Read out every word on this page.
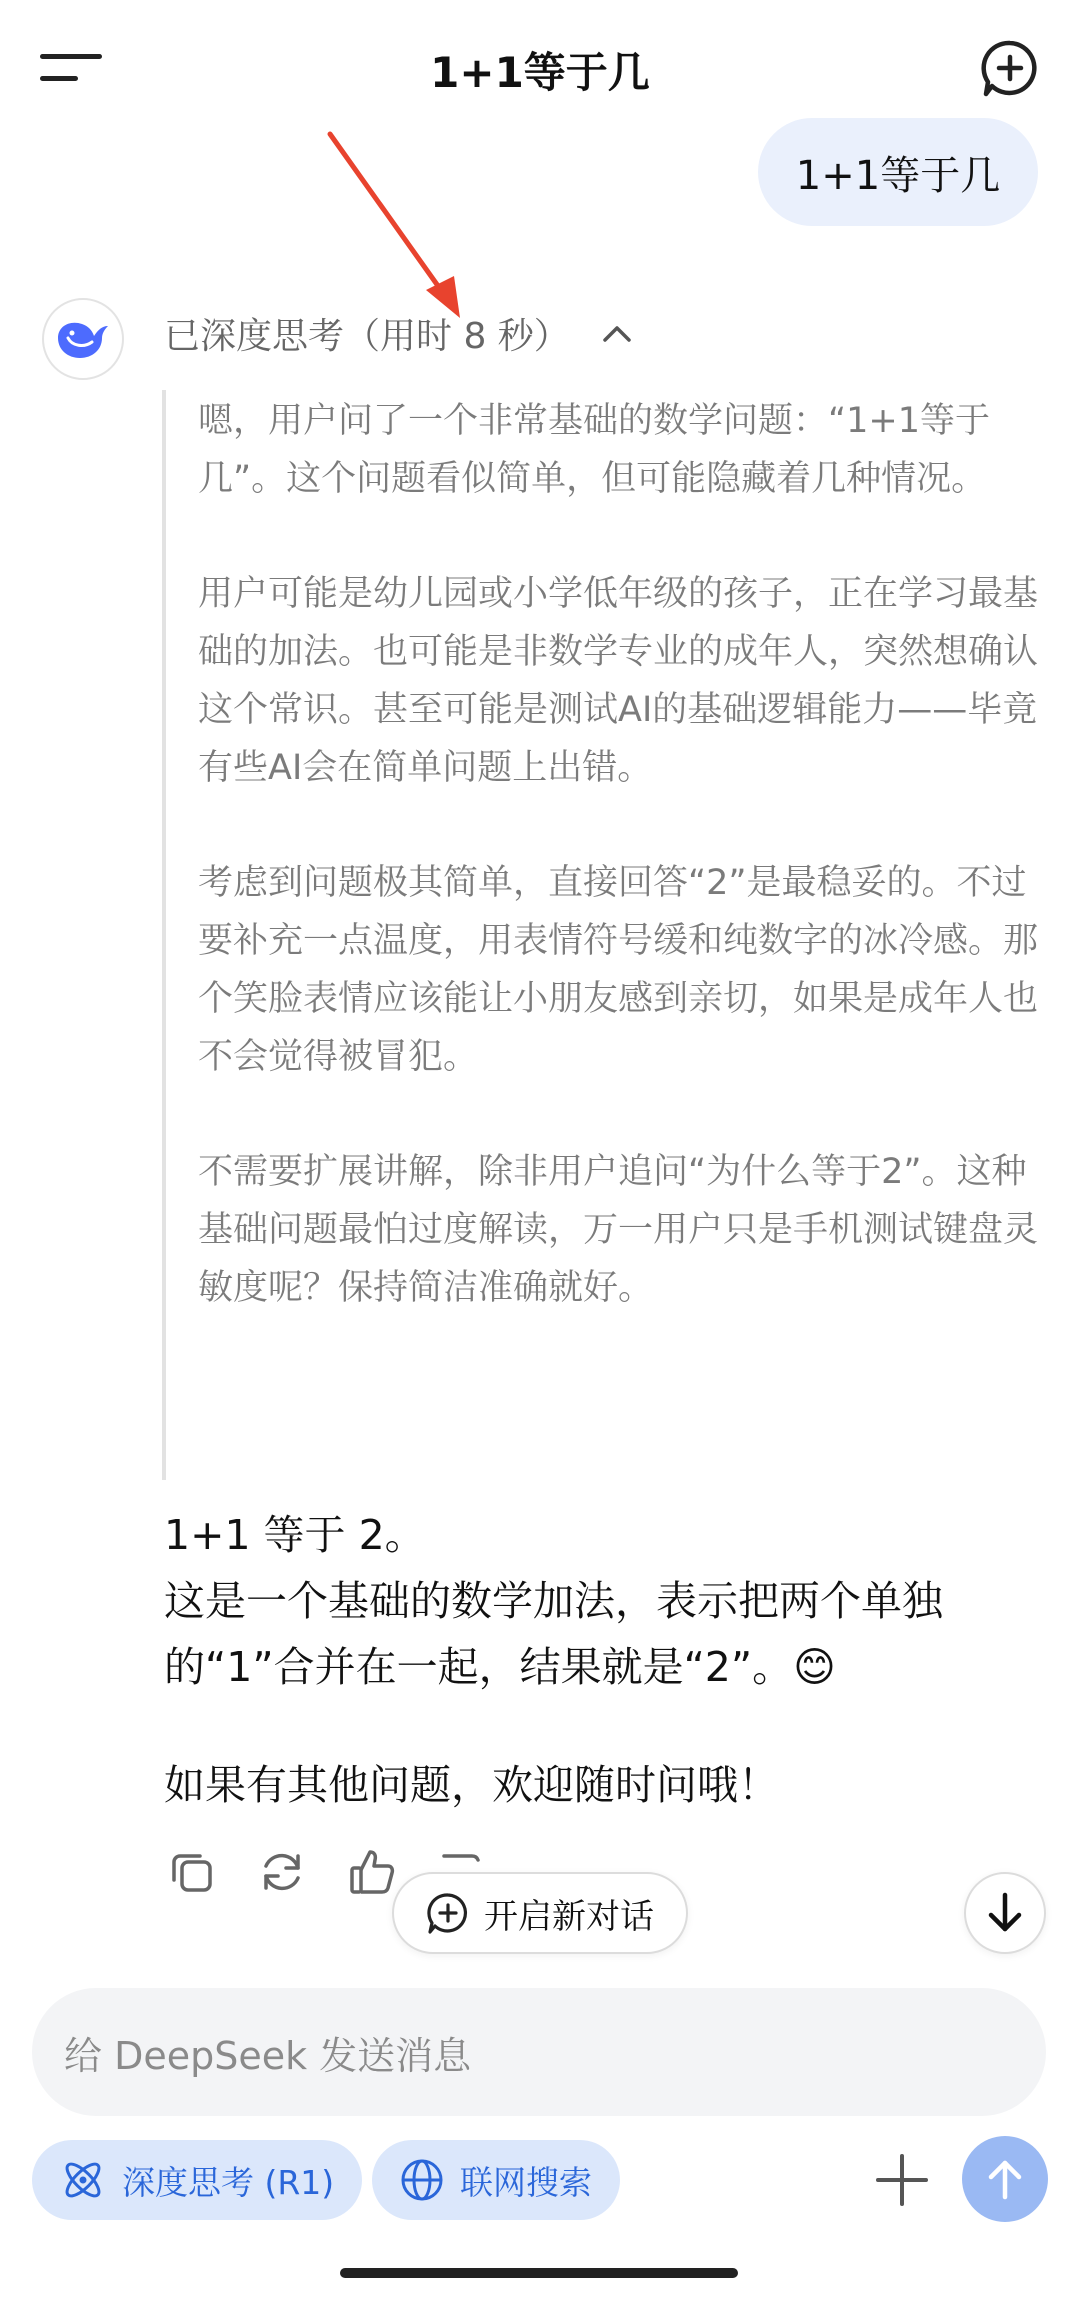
1+1等于几
1+1等于几
已深度思考（用时 8 秒）

嗯，用户问了一个非常基础的数学问题：“1+1等于几”。这个问题看似简单，但可能隐藏着几种情况。

用户可能是幼儿园或小学低年级的孩子，正在学习最基础的加法。也可能是非数学专业的成年人，突然想确认这个常识。甚至可能是测试AI的基础逻辑能力——毕竟有些AI会在简单问题上出错。

考虑到问题极其简单，直接回答“2”是最稳妥的。不过要补充一点温度，用表情符号缓和纯数字的冰冷感。那个笑脸表情应该能让小朋友感到亲切，如果是成年人也不会觉得被冒犯。

不需要扩展讲解，除非用户追问“为什么等于2”。这种基础问题最怕过度解读，万一用户只是手机测试键盘灵敏度呢？保持简洁准确就好。

1+1 等于 2。

这是一个基础的数学加法，表示把两个单独的“1”合并在一起，结果就是“2”。😊

如果有其他问题，欢迎随时问哦！

开启新对话
给 DeepSeek 发送消息
深度思考 (R1)	联网搜索
